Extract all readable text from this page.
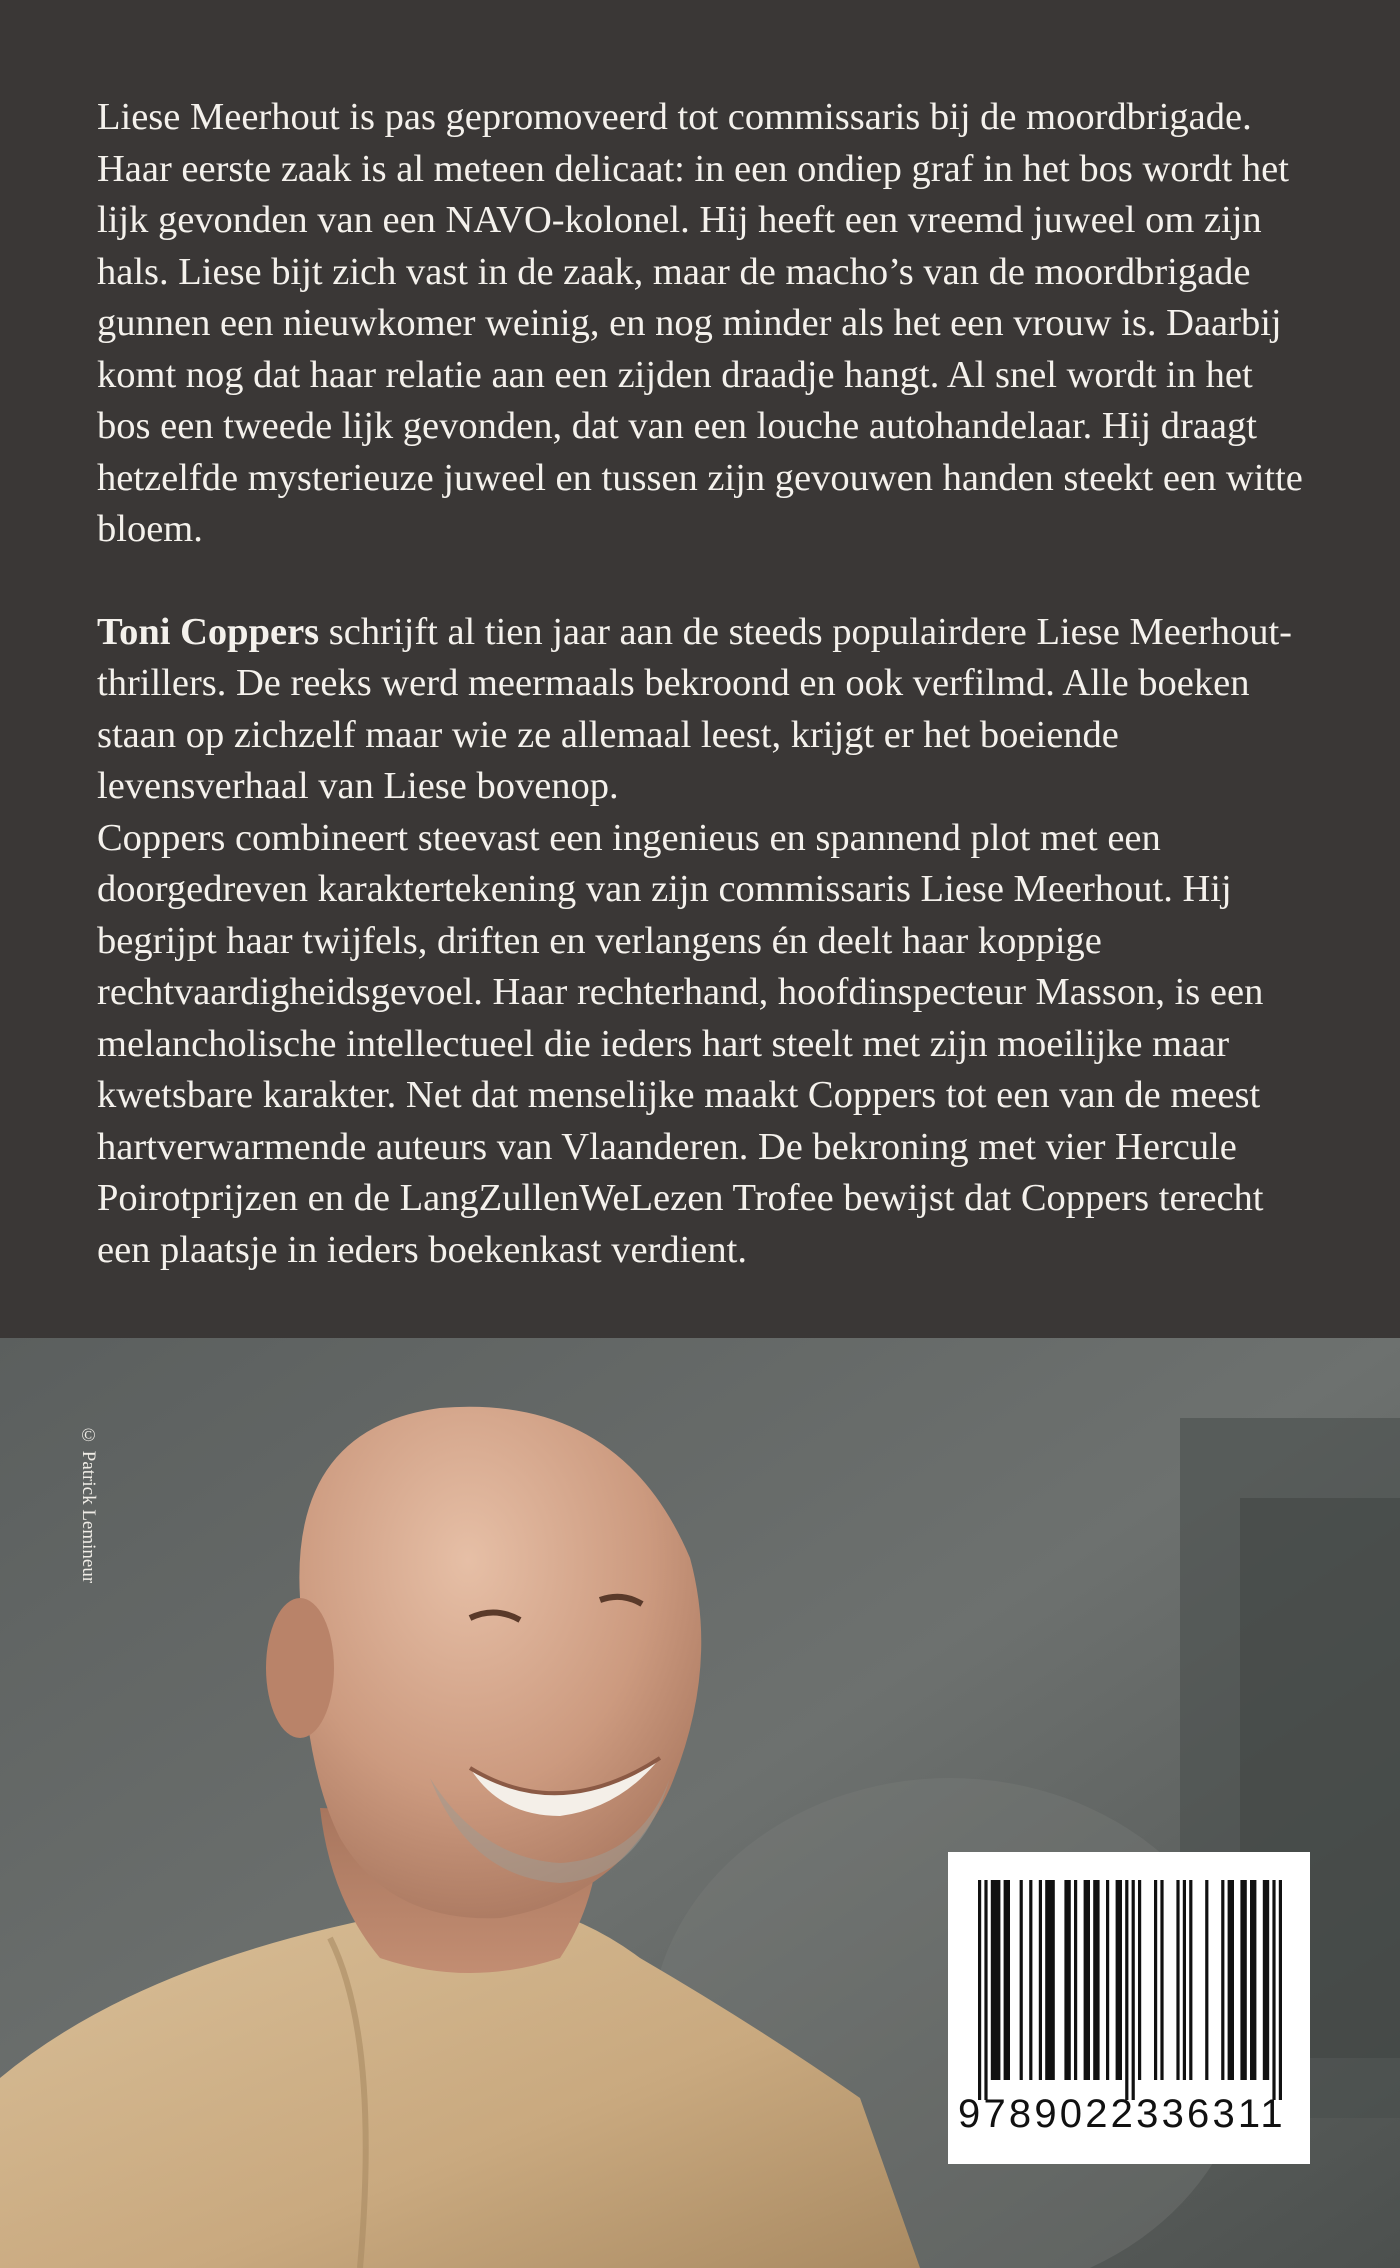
Liese Meerhout is pas gepromoveerd tot commissaris bij de moordbrigade. Haar eerste zaak is al meteen delicaat: in een ondiep graf in het bos wordt het lijk gevonden van een NAVO-kolonel. Hij heeft een vreemd juweel om zijn hals. Liese bijt zich vast in de zaak, maar de macho’s van de moordbrigade gunnen een nieuwkomer weinig, en nog minder als het een vrouw is. Daarbij komt nog dat haar relatie aan een zijden draadje hangt. Al snel wordt in het bos een tweede lijk gevonden, dat van een louche autohandelaar. Hij draagt hetzelfde mysterieuze juweel en tussen zijn gevouwen handen steekt een witte bloem.

Toni Coppers schrijft al tien jaar aan de steeds populairdere Liese Meerhout-thrillers. De reeks werd meermaals bekroond en ook verfilmd. Alle boeken staan op zichzelf maar wie ze allemaal leest, krijgt er het boeiende levensverhaal van Liese bovenop.

Coppers combineert steevast een ingenieus en spannend plot met een doorgedreven karaktertekening van zijn commissaris Liese Meerhout. Hij begrijpt haar twijfels, driften en verlangens én deelt haar koppige rechtvaardigheidsgevoel. Haar rechterhand, hoofdinspecteur Masson, is een melancholische intellectueel die ieders hart steelt met zijn moeilijke maar kwetsbare karakter. Net dat menselijke maakt Coppers tot een van de meest hartverwarmende auteurs van Vlaanderen. De bekroning met vier Hercule Poirotprijzen en de LangZullenWeLezen Trofee bewijst dat Coppers terecht een plaatsje in ieders boekenkast verdient.

© Patrick Lemineur
9789022336311
